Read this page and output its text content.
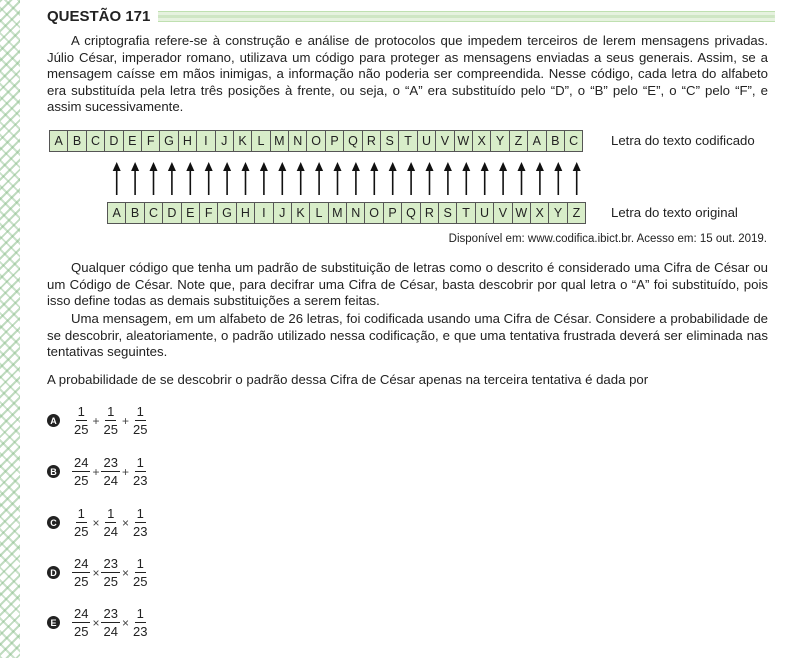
QUESTÃO 171

A criptografia refere-se à construção e análise de protocolos que impedem terceiros de lerem mensagens privadas. Júlio César, imperador romano, utilizava um código para proteger as mensagens enviadas a seus generais. Assim, se a mensagem caísse em mãos inimigas, a informação não poderia ser compreendida. Nesse código, cada letra do alfabeto era substituída pela letra três posições à frente, ou seja, o “A” era substituído pelo “D”, o “B” pelo “E”, o “C” pelo “F”, e assim sucessivamente.

A B C D E F G H I	J K L M N O P Q R S T U V W X Y Z A B C	Letra do texto codificado
A B C D E F G H I	J K L M N O P Q R S T U V W X Y Z	Letra do texto original
Disponível em: www.codifica.ibict.br. Acesso em: 15 out. 2019.

Qualquer código que tenha um padrão de substituição de letras como o descrito é considerado uma Cifra de César ou um Código de César. Note que, para decifrar uma Cifra de César, basta descobrir por qual letra o “A” foi substituído, pois isso define todas as demais substituições a serem feitas.

Uma mensagem, em um alfabeto de 26 letras, foi codificada usando uma Cifra de César. Considere a probabilidade de se descobrir, aleatoriamente, o padrão utilizado nessa codificação, e que uma tentativa frustrada deverá ser eliminada nas tentativas seguintes.

A probabilidade de se descobrir o padrão dessa Cifra de César apenas na terceira tentativa é dada por
A $\frac{1}{25} + \frac{1}{25} + \frac{1}{25}$
B $\frac{24}{25} + \frac{23}{24} + \frac{1}{23}$
C $\frac{1}{25} \times \frac{1}{24} \times \frac{1}{23}$
D $\frac{24}{25} \times \frac{23}{25} \times \frac{1}{25}$
E $\frac{24}{25} \times \frac{23}{24} \times \frac{1}{23}$
